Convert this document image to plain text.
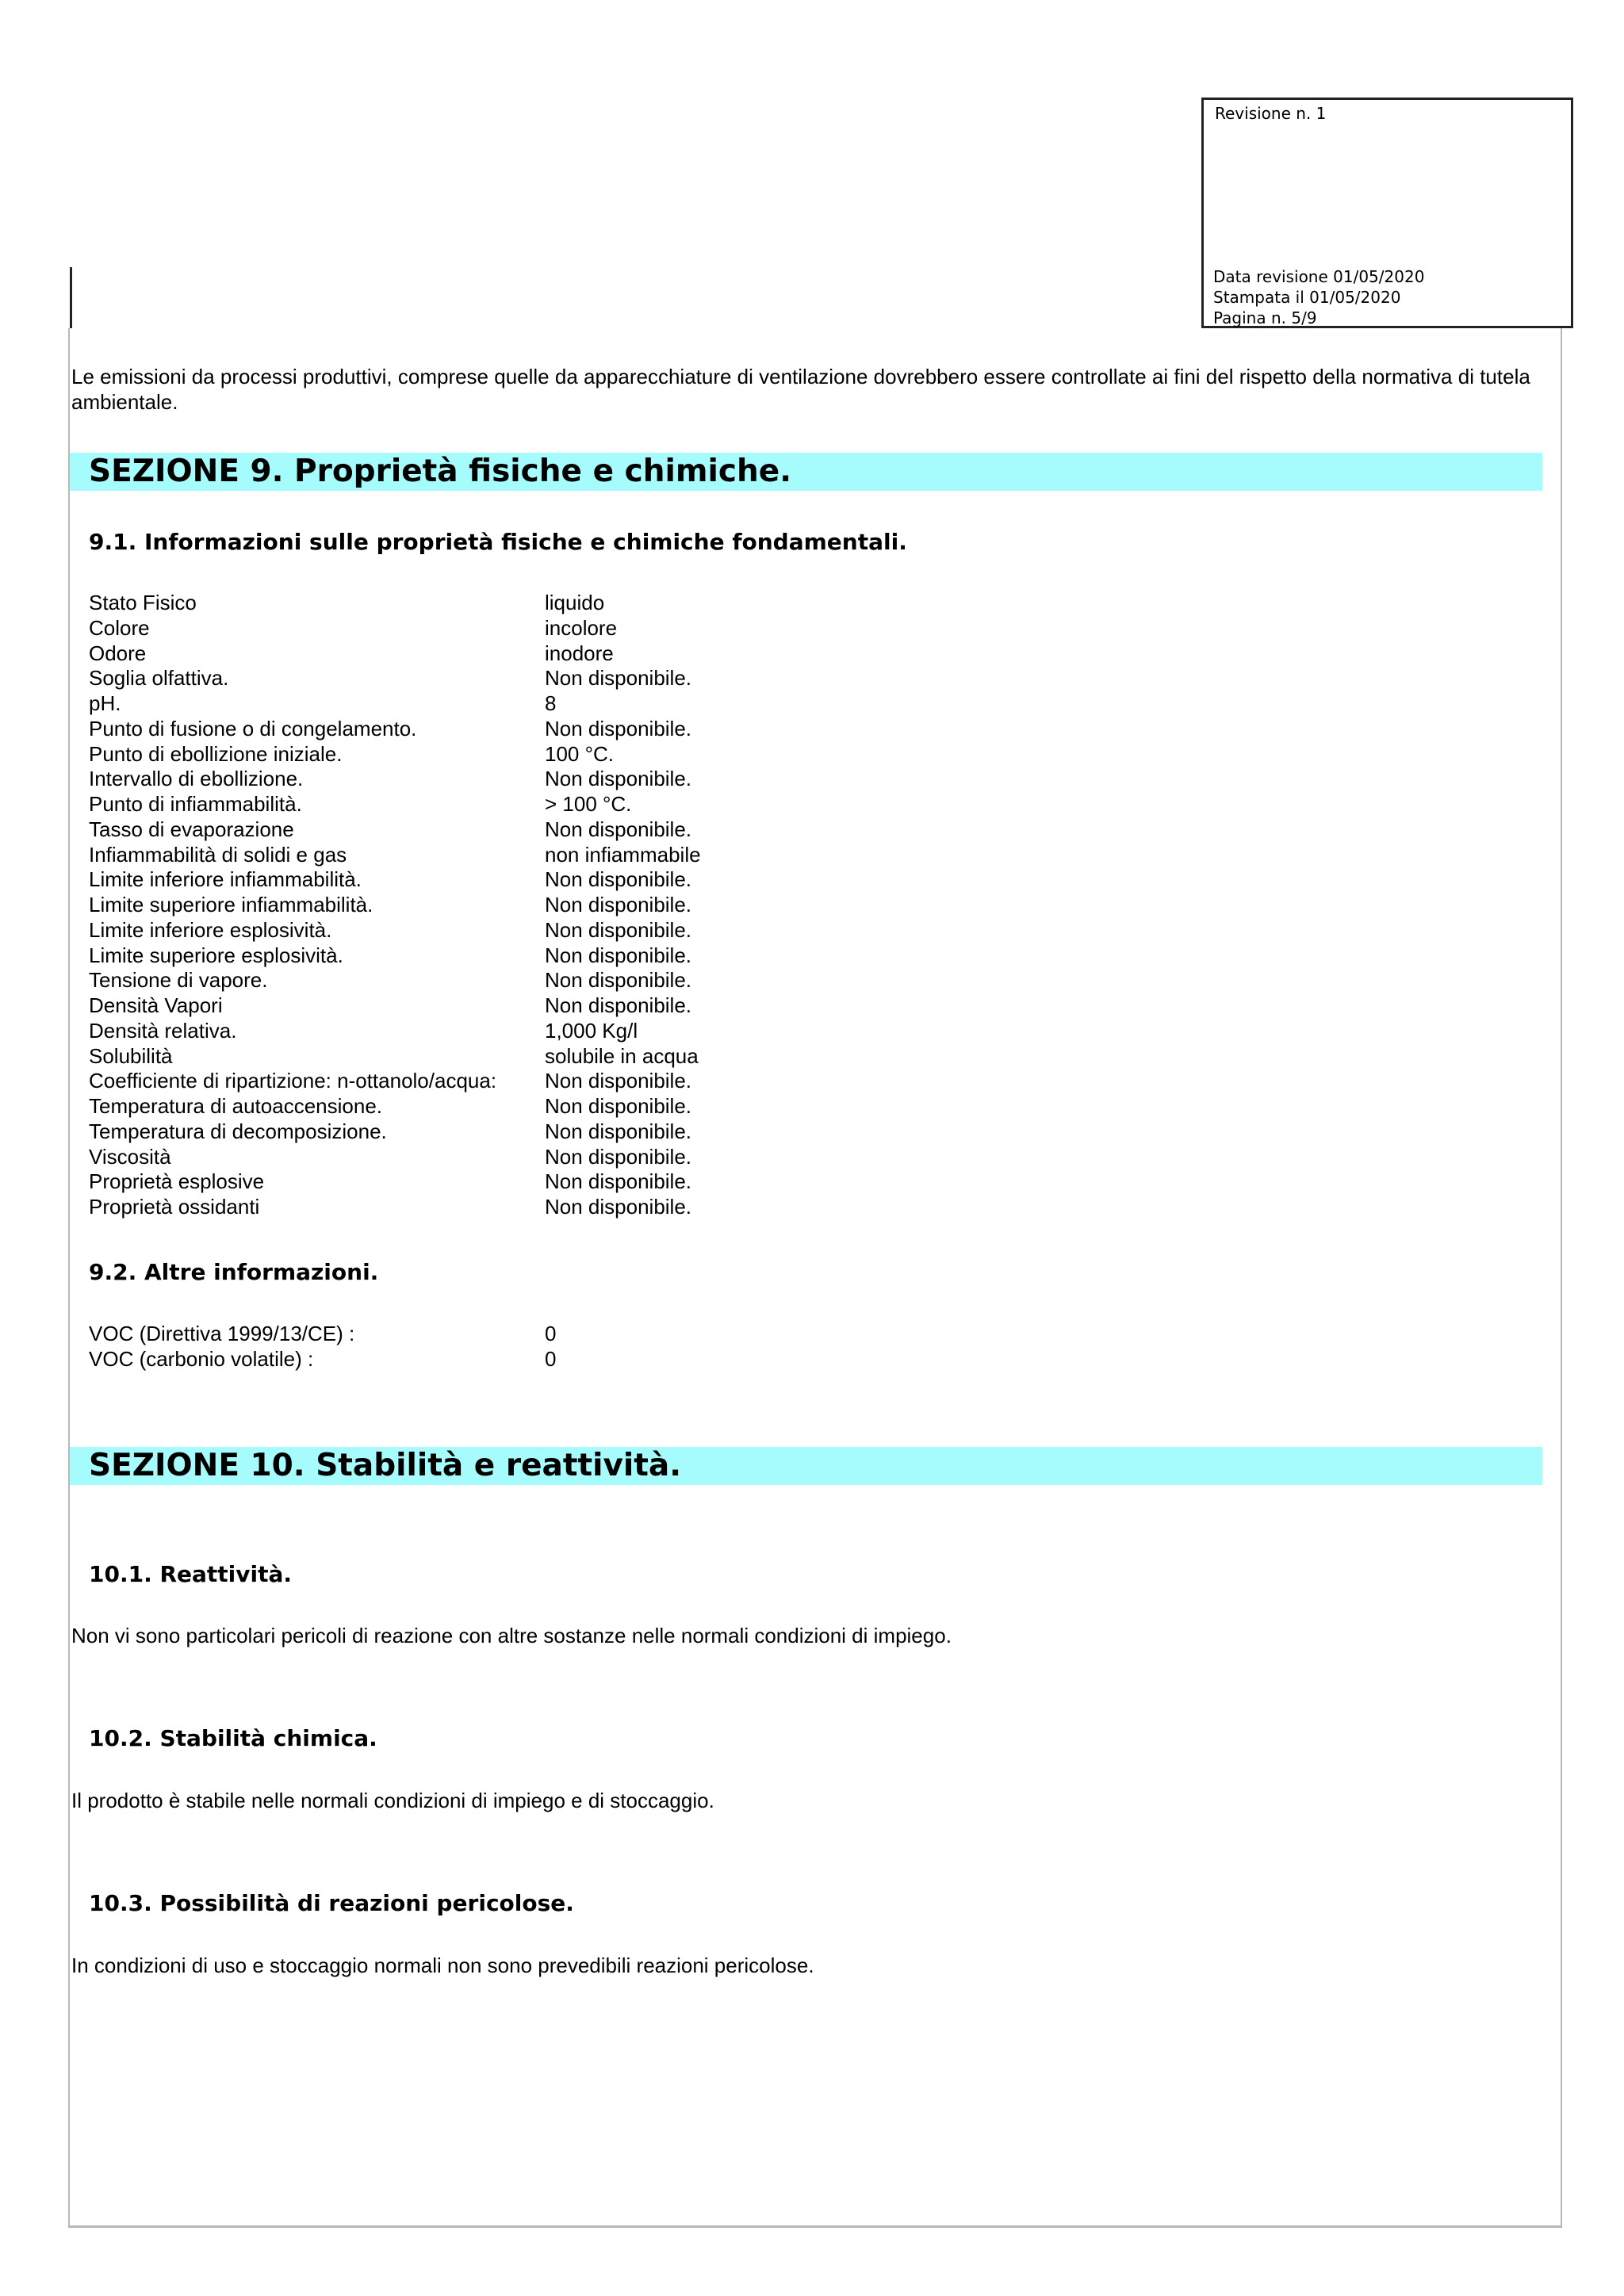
Revisione n. 1
Data revisione 01/05/2020
Stampata il 01/05/2020
Pagina n. 5/9
Le emissioni da processi produttivi, comprese quelle da apparecchiature di ventilazione dovrebbero essere controllate ai fini del rispetto della normativa di tutela ambientale.
SEZIONE 9. Proprietà fisiche e chimiche.
9.1. Informazioni sulle proprietà fisiche e chimiche fondamentali.
Stato Fisico	liquido
Colore	incolore
Odore	inodore
Soglia olfattiva.	Non disponibile.
pH.	8
Punto di fusione o di congelamento.	Non disponibile.
Punto di ebollizione iniziale.	100 °C.
Intervallo di ebollizione.	Non disponibile.
Punto di infiammabilità.	> 100 °C.
Tasso di evaporazione	Non disponibile.
Infiammabilità di solidi e gas	non infiammabile
Limite inferiore infiammabilità.	Non disponibile.
Limite superiore infiammabilità.	Non disponibile.
Limite inferiore esplosività.	Non disponibile.
Limite superiore esplosività.	Non disponibile.
Tensione di vapore.	Non disponibile.
Densità Vapori	Non disponibile.
Densità relativa.	1,000 Kg/l
Solubilità	solubile in acqua
Coefficiente di ripartizione: n-ottanolo/acqua: Non disponibile.
Temperatura di autoaccensione.	Non disponibile.
Temperatura di decomposizione.	Non disponibile.
Viscosità	Non disponibile.
Proprietà esplosive	Non disponibile.
Proprietà ossidanti	Non disponibile.
9.2. Altre informazioni.
VOC (Direttiva 1999/13/CE) :	0
VOC (carbonio volatile) :	0
SEZIONE 10. Stabilità e reattività.
10.1. Reattività.
Non vi sono particolari pericoli di reazione con altre sostanze nelle normali condizioni di impiego.
10.2. Stabilità chimica.
Il prodotto è stabile nelle normali condizioni di impiego e di stoccaggio.
10.3. Possibilità di reazioni pericolose.
In condizioni di uso e stoccaggio normali non sono prevedibili reazioni pericolose.
